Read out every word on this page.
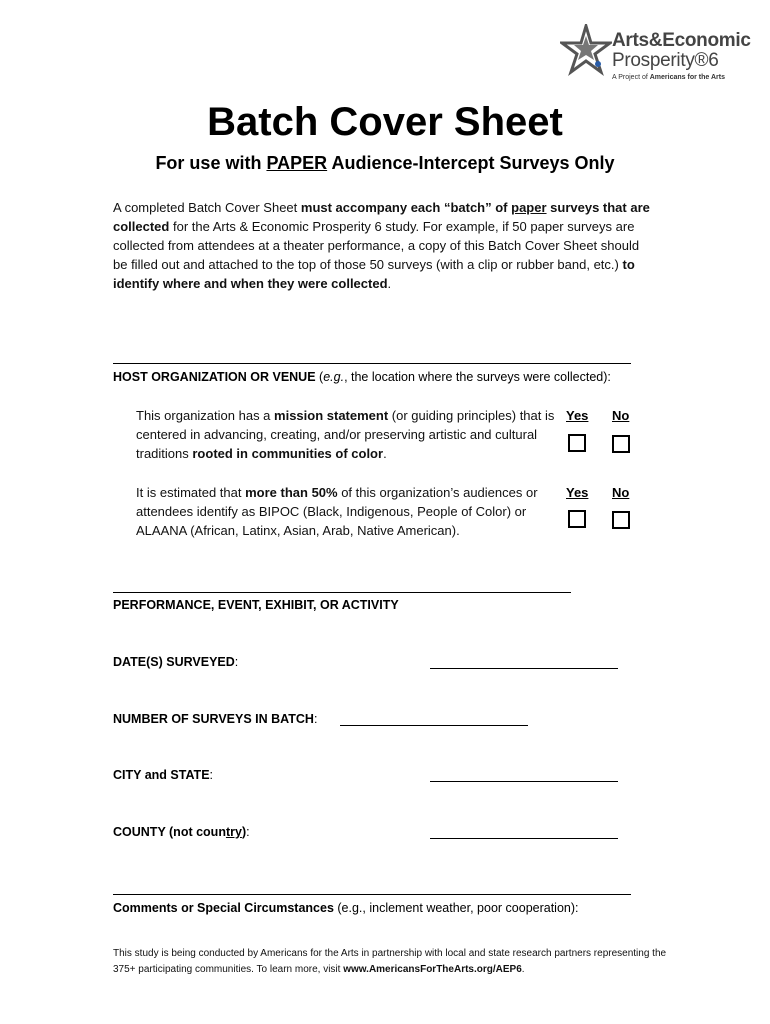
Arts&Economic
Prosperity®6
A Project of Americans for the Arts
Batch Cover Sheet
For use with PAPER Audience-Intercept Surveys Only
A completed Batch Cover Sheet must accompany each “batch” of paper surveys that are collected for the Arts & Economic Prosperity 6 study. For example, if 50 paper surveys are collected from attendees at a theater performance, a copy of this Batch Cover Sheet should be filled out and attached to the top of those 50 surveys (with a clip or rubber band, etc.) to identify where and when they were collected.
HOST ORGANIZATION OR VENUE (e.g., the location where the surveys were collected):
This organization has a mission statement (or guiding principles) that is centered in advancing, creating, and/or preserving artistic and cultural traditions rooted in communities of color.
Yes No
It is estimated that more than 50% of this organization’s audiences or attendees identify as BIPOC (Black, Indigenous, People of Color) or ALAANA (African, Latinx, Asian, Arab, Native American).
Yes No
PERFORMANCE, EVENT, EXHIBIT, OR ACTIVITY
DATE(S) SURVEYED:
NUMBER OF SURVEYS IN BATCH:
CITY and STATE:
COUNTY (not country):
Comments or Special Circumstances (e.g., inclement weather, poor cooperation):
This study is being conducted by Americans for the Arts in partnership with local and state research partners representing the 375+ participating communities. To learn more, visit www.AmericansForTheArts.org/AEP6.
